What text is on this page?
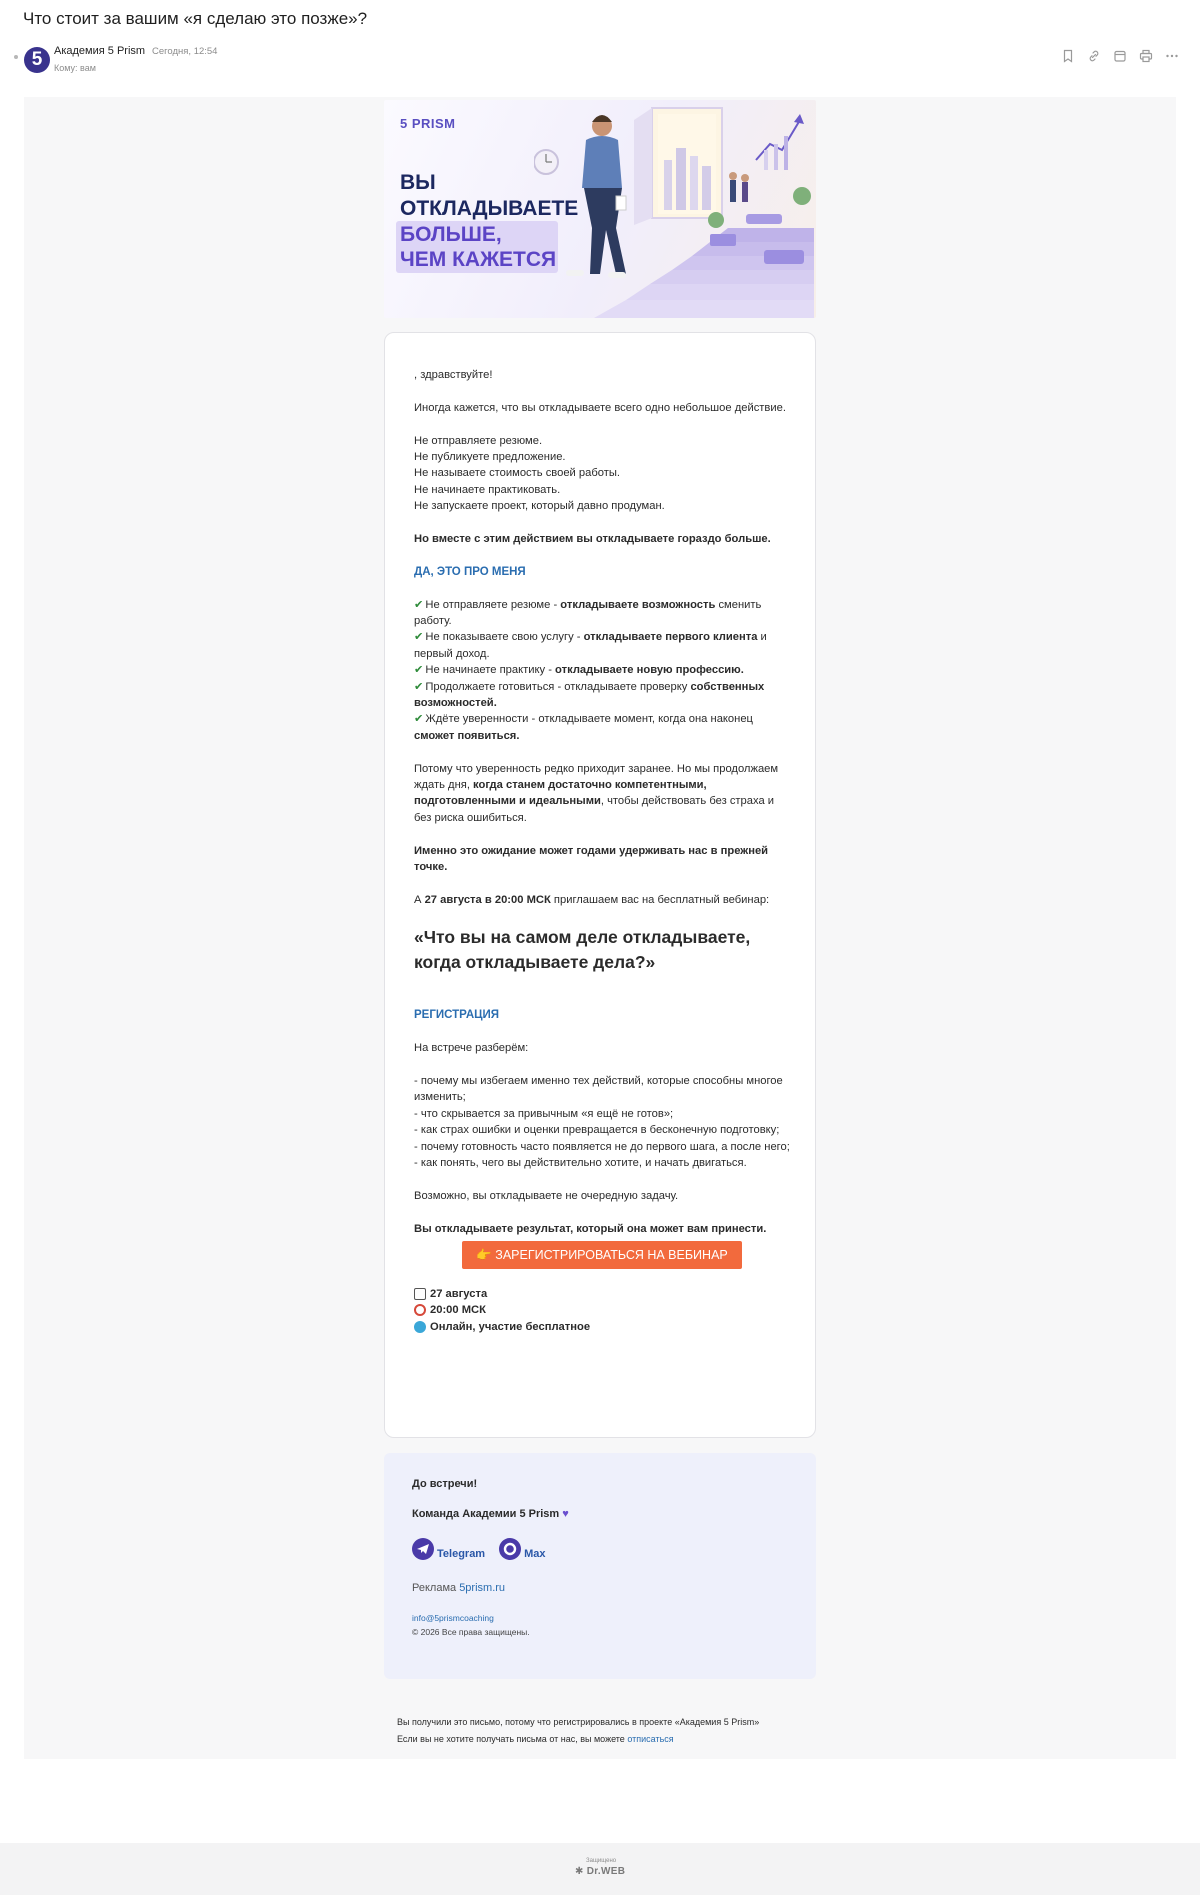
Что стоит за вашим «я сделаю это позже»?
5	Академия 5 Prism Сегодня, 12:54
Кому: вам
5 PRISM
ВЫ
ОТКЛАДЫВАЕТЕ
БОЛЬШЕ,
ЧЕМ КАЖЕТСЯ

, здравствуйте!

Иногда кажется, что вы откладываете всего одно небольшое действие.

Не отправляете резюме.

Не публикуете предложение.

Не называете стоимость своей работы.

Не начинаете практиковать.

Не запускаете проект, который давно продуман.

Но вместе с этим действием вы откладываете гораздо больше.

ДА, ЭТО ПРО МЕНЯ

✔ Не отправляете резюме - откладываете возможность сменить работу.

✔ Не показываете свою услугу - откладываете первого клиента и первый доход.

✔ Не начинаете практику - откладываете новую профессию.

✔ Продолжаете готовиться - откладываете проверку собственных возможностей.

✔ Ждёте уверенности - откладываете момент, когда она наконец сможет появиться.

Потому что уверенность редко приходит заранее. Но мы продолжаем ждать дня, когда станем достаточно компетентными, подготовленными и идеальными, чтобы действовать без страха и без риска ошибиться.

Именно это ожидание может годами удерживать нас в прежней точке.

А 27 августа в 20:00 МСК приглашаем вас на бесплатный вебинар:

«Что вы на самом деле откладываете, когда откладываете дела?»

РЕГИСТРАЦИЯ

На встрече разберём:

- почему мы избегаем именно тех действий, которые способны многое изменить;

- что скрывается за привычным «я ещё не готов»;

- как страх ошибки и оценки превращается в бесконечную подготовку;

- почему готовность часто появляется не до первого шага, а после него;

- как понять, чего вы действительно хотите, и начать двигаться.

Возможно, вы откладываете не очередную задачу.

Вы откладываете результат, который она может вам принести.

👉 ЗАРЕГИСТРИРОВАТЬСЯ НА ВЕБИНАР

27 августа

20:00 МСК

Онлайн, участие бесплатное

До встречи!

Команда Академии 5 Prism ♥

Telegram	Max

Реклама 5prism.ru

info@5prismcoaching

© 2026 Все права защищены.

Вы получили это письмо, потому что регистрировались в проекте «Академия 5 Prism»

Если вы не хотите получать письма от нас, вы можете отписаться

Защищено
✱ Dr.WEB
